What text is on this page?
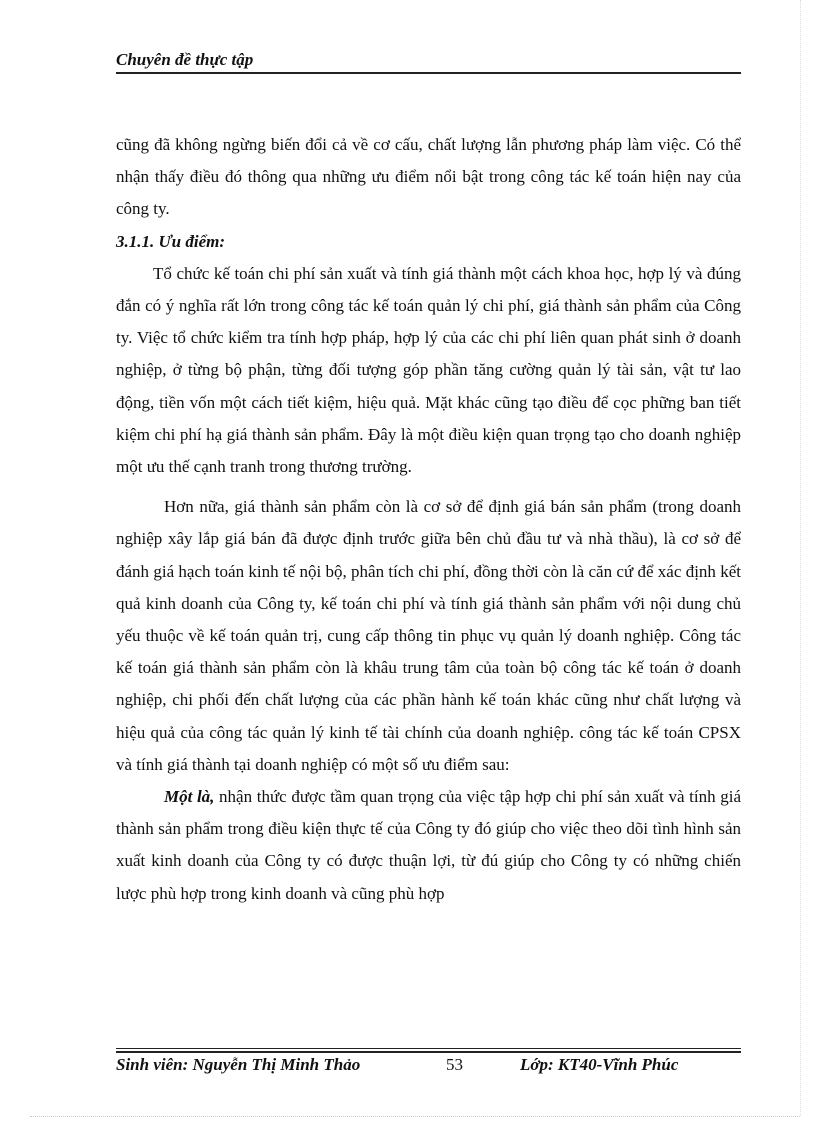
Chuyên đề thực tập

cũng đã không ngừng biến đổi cả về cơ cấu, chất lượng lẫn phương pháp làm việc. Có thể nhận thấy điều đó thông qua những ưu điểm nổi bật trong công tác kế toán hiện nay của công ty.

3.1.1. Ưu điểm:

Tổ chức kế toán chi phí sản xuất và tính giá thành một cách khoa học, hợp lý và đúng đắn có ý nghĩa rất lớn trong công tác kế toán quản lý chi phí, giá thành sản phẩm của Công ty. Việc tổ chức kiểm tra tính hợp pháp, hợp lý của các chi phí liên quan phát sinh ở doanh nghiệp, ở từng bộ phận, từng đối tượng góp phần tăng cường quản lý tài sản, vật tư lao động, tiền vốn một cách tiết kiệm, hiệu quả. Mặt khác cũng tạo điều để cọc phững ban tiết kiệm chi phí hạ giá thành sản phẩm. Đây là một điều kiện quan trọng tạo cho doanh nghiệp một ưu thế cạnh tranh trong thương trường.

Hơn nữa, giá thành sản phẩm còn là cơ sở để định giá bán sản phẩm (trong doanh nghiệp xây lắp giá bán đã được định trước giữa bên chủ đầu tư và nhà thầu), là cơ sở để đánh giá hạch toán kinh tế nội bộ, phân tích chi phí, đồng thời còn là căn cứ để xác định kết quả kinh doanh của Công ty, kế toán chi phí và tính giá thành sản phẩm với nội dung chủ yếu thuộc về kế toán quản trị, cung cấp thông tin phục vụ quản lý doanh nghiệp. Công tác kế toán giá thành sản phẩm còn là khâu trung tâm của toàn bộ công tác kế toán ở doanh nghiệp, chi phối đến chất lượng của các phần hành kế toán khác cũng như chất lượng và hiệu quả của công tác quản lý kinh tế tài chính của doanh nghiệp. công tác kế toán CPSX và tính giá thành tại doanh nghiệp có một số ưu điểm sau:

Một là, nhận thức được tầm quan trọng của việc tập hợp chi phí sản xuất và tính giá thành sản phẩm trong điều kiện thực tế của Công ty đó giúp cho việc theo dõi tình hình sản xuất kinh doanh của Công ty có được thuận lợi, từ đú giúp cho Công ty có những chiến lược phù hợp trong kinh doanh và cũng phù hợp

Sinh viên: Nguyễn Thị Minh Thảo	53	Lớp: KT40-Vĩnh Phúc
